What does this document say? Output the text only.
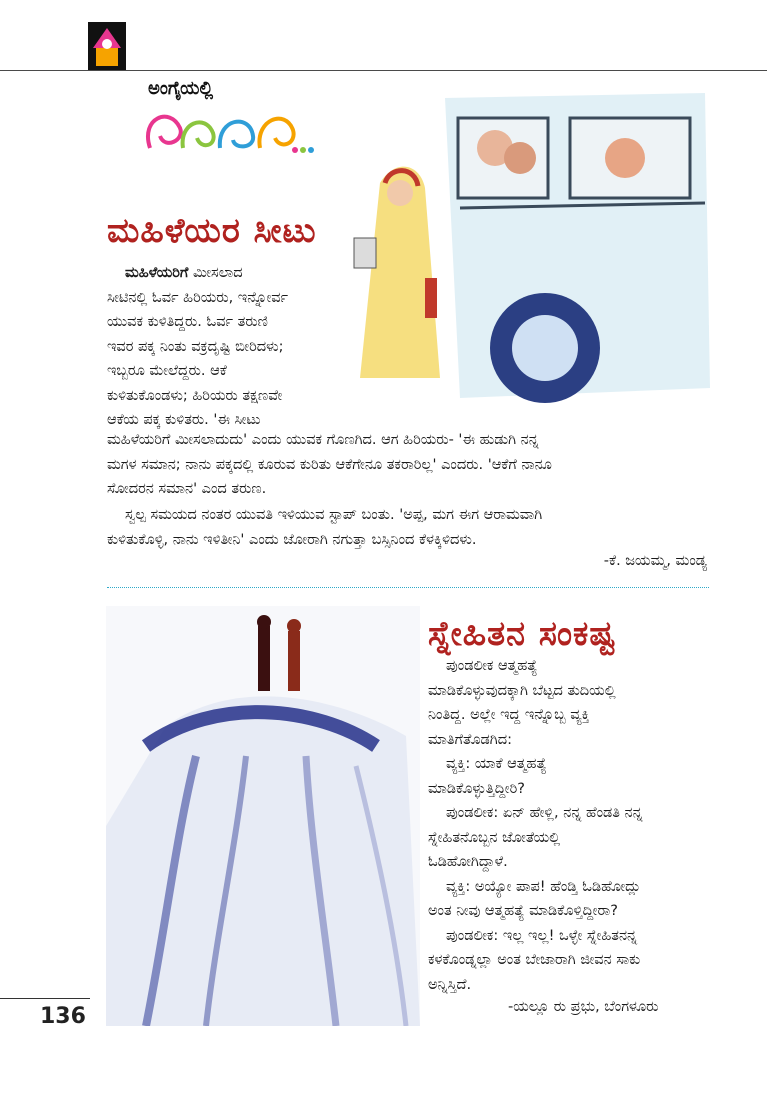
ಅಂಗೈಯಲ್ಲಿ
ಮಹಿಳೆಯರ ಸೀಟು
ಮಹಿಳೆಯರಿಗೆ ಮೀಸಲಾದ
ಸೀಟಿನಲ್ಲಿ ಓರ್ವ ಹಿರಿಯರು, ಇನ್ನೋರ್ವ
ಯುವಕ ಕುಳಿತಿದ್ದರು. ಓರ್ವ ತರುಣಿ
ಇವರ ಪಕ್ಕ ನಿಂತು ವಕ್ರದೃಷ್ಟಿ ಬೀರಿದಳು;
ಇಬ್ಬರೂ ಮೇಲೆದ್ದರು. ಆಕೆ
ಕುಳಿತುಕೊಂಡಳು; ಹಿರಿಯರು ತಕ್ಷಣವೇ
ಆಕೆಯ ಪಕ್ಕ ಕುಳಿತರು. 'ಈ ಸೀಟು
ಮಹಿಳೆಯರಿಗೆ ಮೀಸಲಾದುದು' ಎಂದು ಯುವಕ ಗೊಣಗಿದ. ಆಗ ಹಿರಿಯರು- 'ಈ ಹುಡುಗಿ ನನ್ನ
ಮಗಳ ಸಮಾನ; ನಾನು ಪಕ್ಕದಲ್ಲಿ ಕೂರುವ ಕುರಿತು ಆಕೆಗೇನೂ ತಕರಾರಿಲ್ಲ' ಎಂದರು. 'ಆಕೆಗೆ ನಾನೂ
ಸೋದರನ ಸಮಾನ' ಎಂದ ತರುಣ.
ಸ್ವಲ್ಪ ಸಮಯದ ನಂತರ ಯುವತಿ ಇಳಿಯುವ ಸ್ಟಾಪ್ ಬಂತು. 'ಅಪ್ಪ, ಮಗ ಈಗ ಆರಾಮವಾಗಿ
ಕುಳಿತುಕೊಳ್ಳಿ, ನಾನು ಇಳಿತೀನಿ' ಎಂದು ಜೋರಾಗಿ ನಗುತ್ತಾ ಬಸ್ಸಿನಿಂದ ಕೆಳಕ್ಕಿಳಿದಳು.
-ಕೆ. ಜಯಮ್ಮ, ಮಂಡ್ಯ
ಸ್ನೇಹಿತನ ಸಂಕಷ್ಟ
ಪುಂಡಲೀಕ ಆತ್ಮಹತ್ಯೆ
ಮಾಡಿಕೊಳ್ಳುವುದಕ್ಕಾಗಿ ಬೆಟ್ಟದ ತುದಿಯಲ್ಲಿ
ನಿಂತಿದ್ದ. ಅಲ್ಲೇ ಇದ್ದ ಇನ್ನೊಬ್ಬ ವ್ಯಕ್ತಿ
ಮಾತಿಗೆತೊಡಗಿದ:
ವ್ಯಕ್ತಿ: ಯಾಕೆ ಆತ್ಮಹತ್ಯೆ
ಮಾಡಿಕೊಳ್ಳುತ್ತಿದ್ದೀರಿ?
ಪುಂಡಲೀಕ: ಏನ್ ಹೇಳ್ಲಿ, ನನ್ನ ಹೆಂಡತಿ ನನ್ನ
ಸ್ನೇಹಿತನೊಬ್ಬನ ಜೋತೆಯಲ್ಲಿ
ಓಡಿಹೋಗಿದ್ದಾಳೆ.
ವ್ಯಕ್ತಿ: ಅಯ್ಯೋ ಪಾಪ! ಹೆಂಡ್ತಿ ಓಡಿಹೋದ್ಲು
ಅಂತ ನೀವು ಆತ್ಮಹತ್ಯೆ ಮಾಡಿಕೊಳ್ತಿದ್ದೀರಾ?
ಪುಂಡಲೀಕ: ಇಲ್ಲ ಇಲ್ಲ! ಒಳ್ಳೇ ಸ್ನೇಹಿತನನ್ನ
ಕಳಕೊಂಡ್ನಲ್ಲಾ ಅಂತ ಬೇಜಾರಾಗಿ ಜೀವನ ಸಾಕು
ಅನ್ನಿಸ್ತಿದೆ.
-ಯಲ್ಲೂ ರು ಪ್ರಭು, ಬೆಂಗಳೂರು
136
